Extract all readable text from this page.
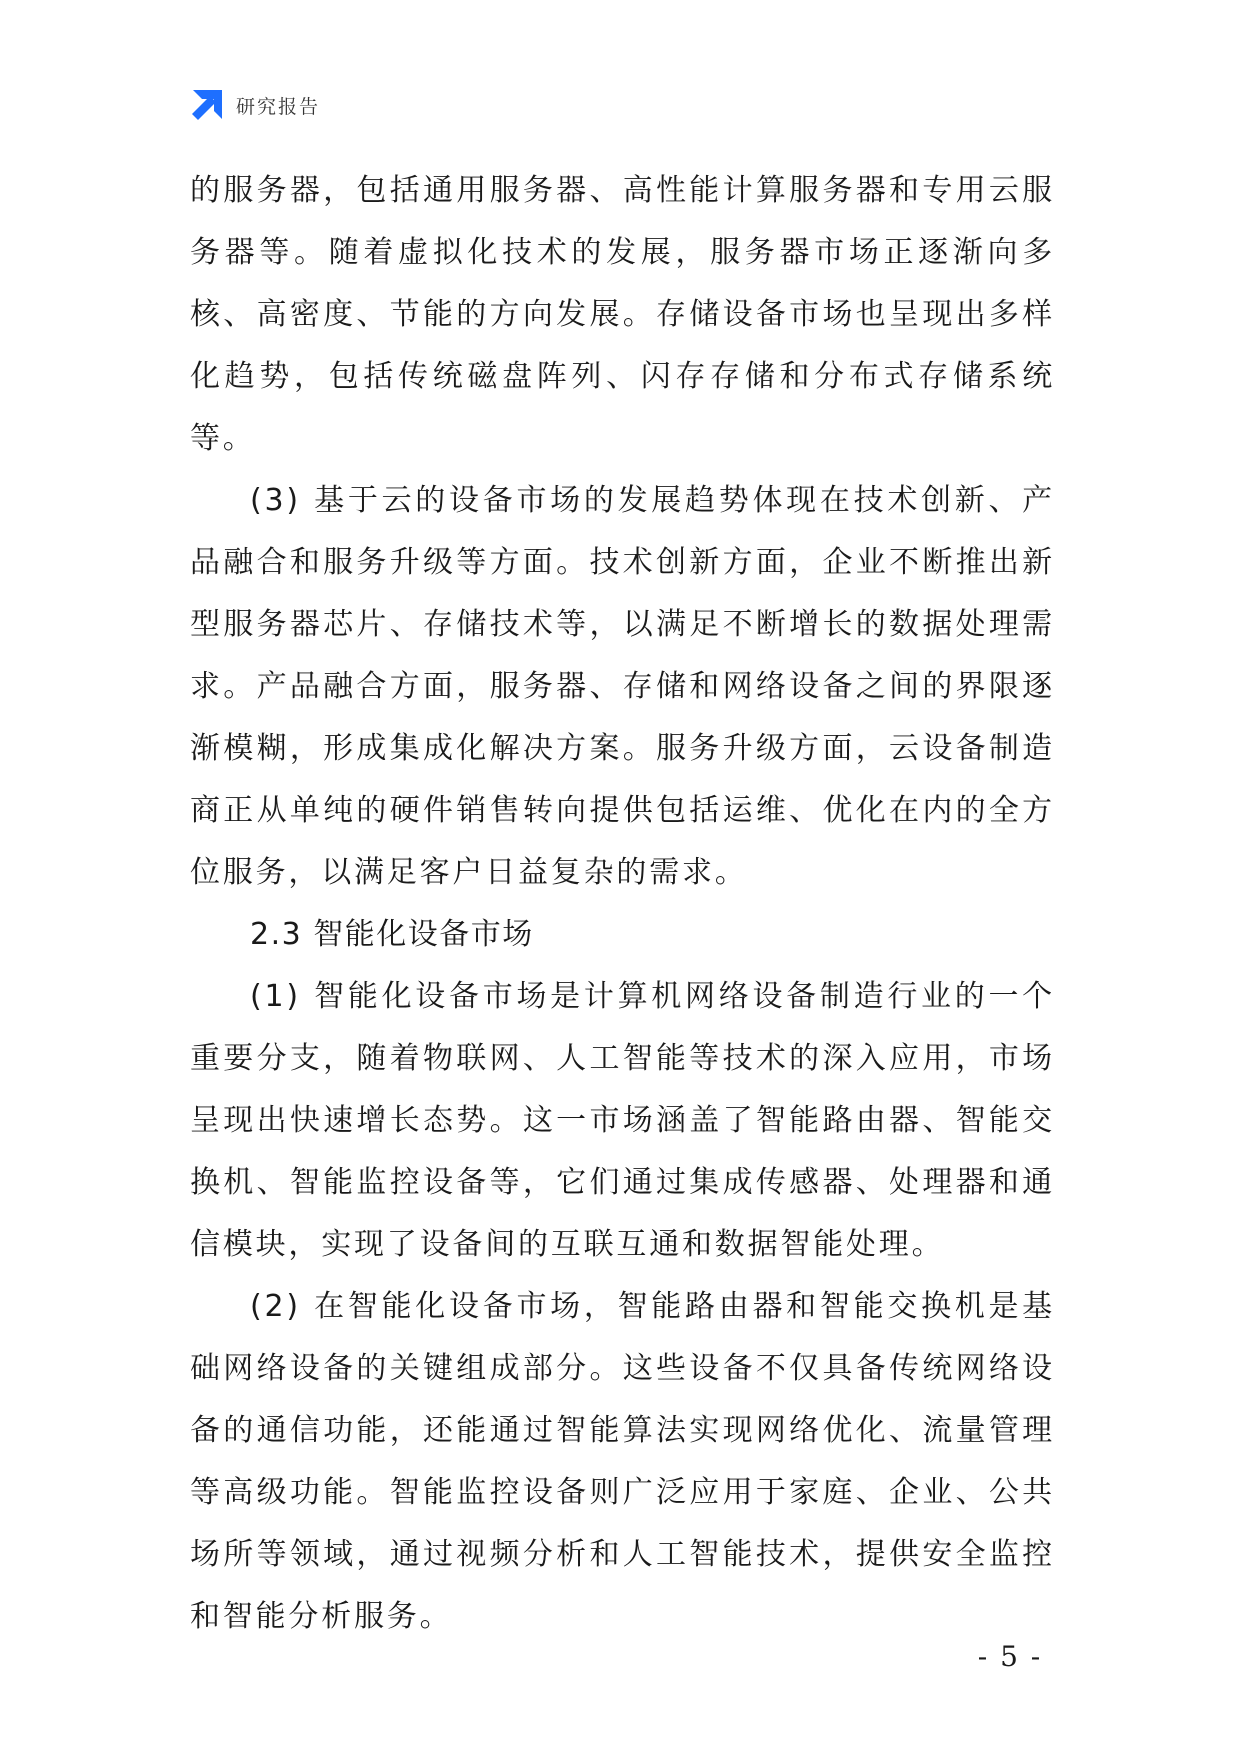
研究报告

的服务器，包括通用服务器、高性能计算服务器和专用云服务器等。随着虚拟化技术的发展，服务器市场正逐渐向多核、高密度、节能的方向发展。存储设备市场也呈现出多样化趋势，包括传统磁盘阵列、闪存存储和分布式存储系统等。

(3) 基于云的设备市场的发展趋势体现在技术创新、产品融合和服务升级等方面。技术创新方面，企业不断推出新型服务器芯片、存储技术等，以满足不断增长的数据处理需求。产品融合方面，服务器、存储和网络设备之间的界限逐渐模糊，形成集成化解决方案。服务升级方面，云设备制造商正从单纯的硬件销售转向提供包括运维、优化在内的全方位服务，以满足客户日益复杂的需求。

2.3 智能化设备市场

(1) 智能化设备市场是计算机网络设备制造行业的一个重要分支，随着物联网、人工智能等技术的深入应用，市场呈现出快速增长态势。这一市场涵盖了智能路由器、智能交换机、智能监控设备等，它们通过集成传感器、处理器和通信模块，实现了设备间的互联互通和数据智能处理。

(2) 在智能化设备市场，智能路由器和智能交换机是基础网络设备的关键组成部分。这些设备不仅具备传统网络设备的通信功能，还能通过智能算法实现网络优化、流量管理等高级功能。智能监控设备则广泛应用于家庭、企业、公共场所等领域，通过视频分析和人工智能技术，提供安全监控和智能分析服务。

- 5 -
